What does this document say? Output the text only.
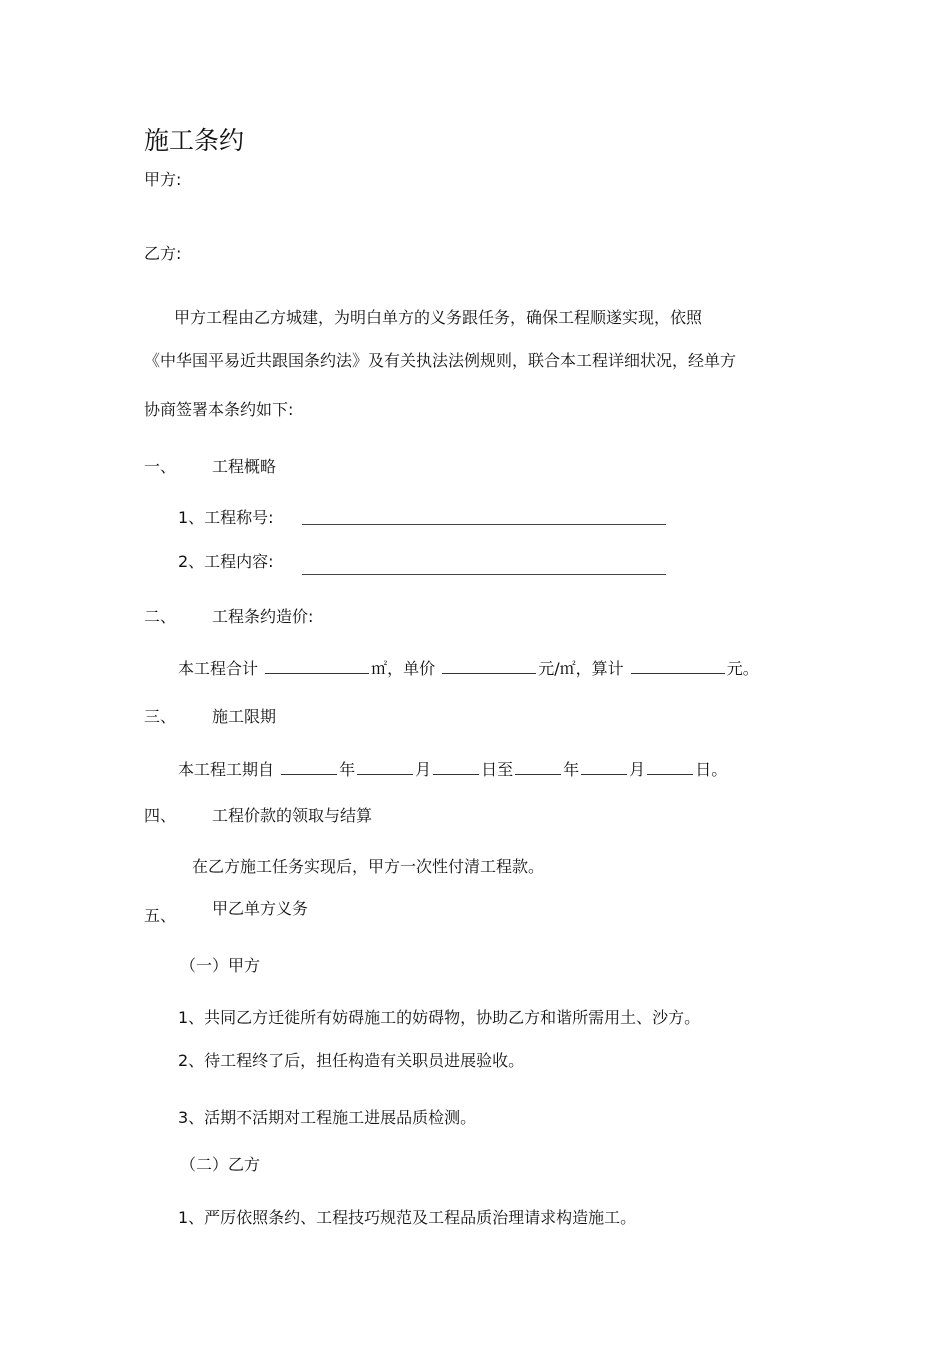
施工条约
甲方:
乙方:
甲方工程由乙方城建，为明白单方的义务跟任务，确保工程顺遂实现，依照
《中华国平易近共跟国条约法》及有关执法法例规则，联合本工程详细状况，经单方
协商签署本条约如下:
一、 工程概略
1、工程称号:
2、工程内容:
二、 工程条约造价:
本工程合计	㎡，单价	元/㎡，算计	元。
三、 施工限期
本工程工期自	年	月	日至	年	月	日。
四、 工程价款的领取与结算
在乙方施工任务实现后，甲方一次性付清工程款。
五、 甲乙单方义务
（一）甲方
1、共同乙方迁徙所有妨碍施工的妨碍物，协助乙方和谐所需用土、沙方。
2、待工程终了后，担任构造有关职员进展验收。
3、活期不活期对工程施工进展品质检测。
（二）乙方
1、严厉依照条约、工程技巧规范及工程品质治理请求构造施工。
